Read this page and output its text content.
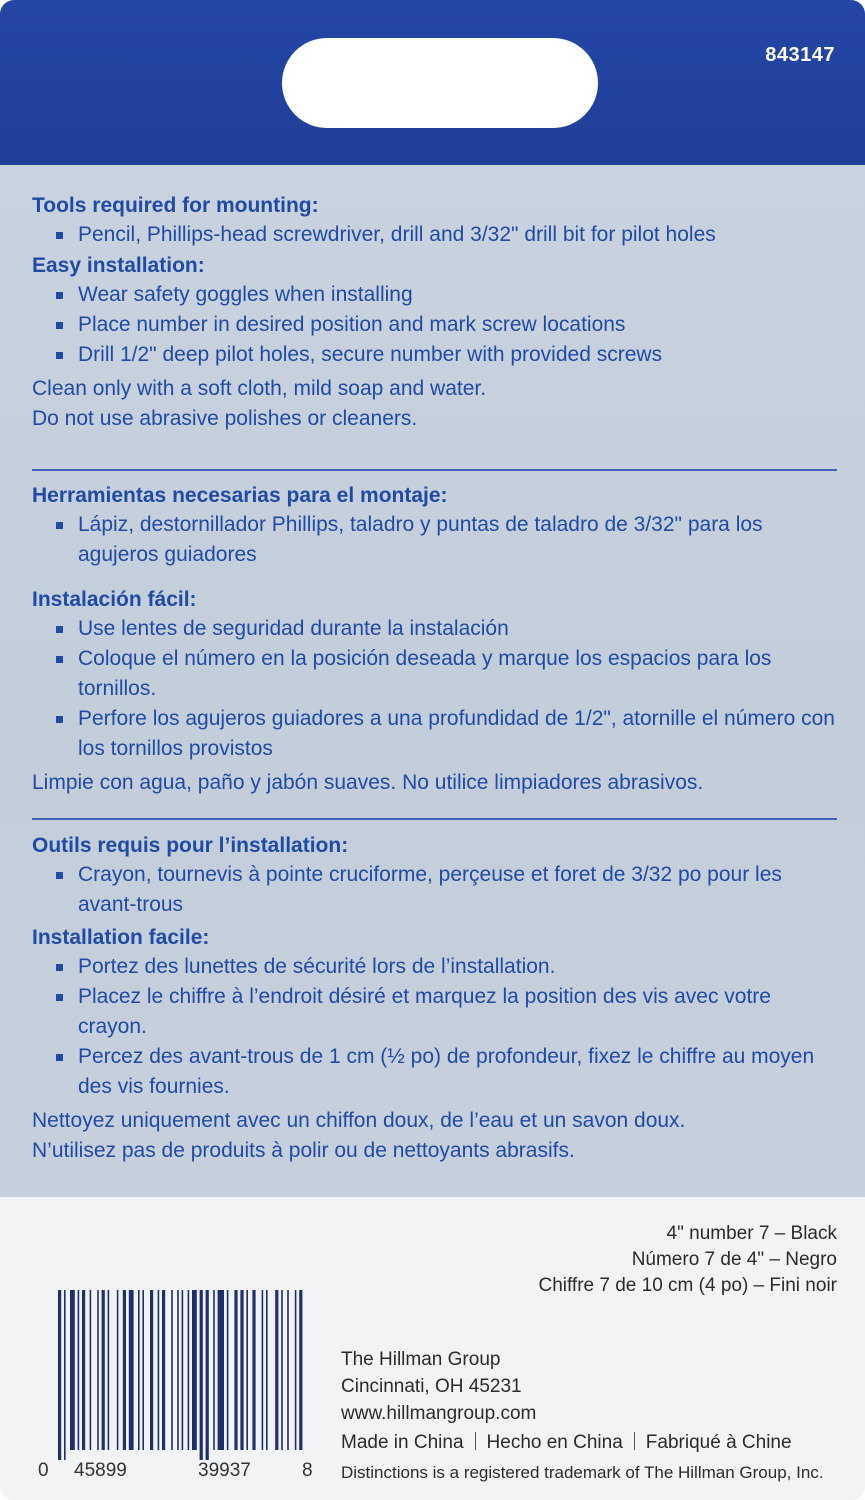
843147

Tools required for mounting:

Pencil, Phillips-head screwdriver, drill and 3/32" drill bit for pilot holes

Easy installation:

Wear safety goggles when installing
Place number in desired position and mark screw locations
Drill 1/2" deep pilot holes, secure number with provided screws

Clean only with a soft cloth, mild soap and water.

Do not use abrasive polishes or cleaners.

Herramientas necesarias para el montaje:

Lápiz, destornillador Phillips, taladro y puntas de taladro de 3/32" para los agujeros guiadores

Instalación fácil:

Use lentes de seguridad durante la instalación
Coloque el número en la posición deseada y marque los espacios para los tornillos.
Perfore los agujeros guiadores a una profundidad de 1/2", atornille el número con los tornillos provistos

Limpie con agua, paño y jabón suaves. No utilice limpiadores abrasivos.

Outils requis pour l’installation:

Crayon, tournevis à pointe cruciforme, perçeuse et foret de 3/32 po pour les avant-trous

Installation facile:

Portez des lunettes de sécurité lors de l’installation.
Placez le chiffre à l’endroit désiré et marquez la position des vis avec votre crayon.
Percez des avant-trous de 1 cm (½ po) de profondeur, fixez le chiffre au moyen des vis fournies.

Nettoyez uniquement avec un chiffon doux, de l’eau et un savon doux.

N’utilisez pas de produits à polir ou de nettoyants abrasifs.

4" number 7 – Black
Número 7 de 4" – Negro
Chiffre 7 de 10 cm (4 po) – Fini noir
0 45899	39937	8
The Hillman Group
Cincinnati, OH 45231
www.hillmangroup.com
Made in China Hecho en China Fabriqué à Chine
Distinctions is a registered trademark of The Hillman Group, Inc.
